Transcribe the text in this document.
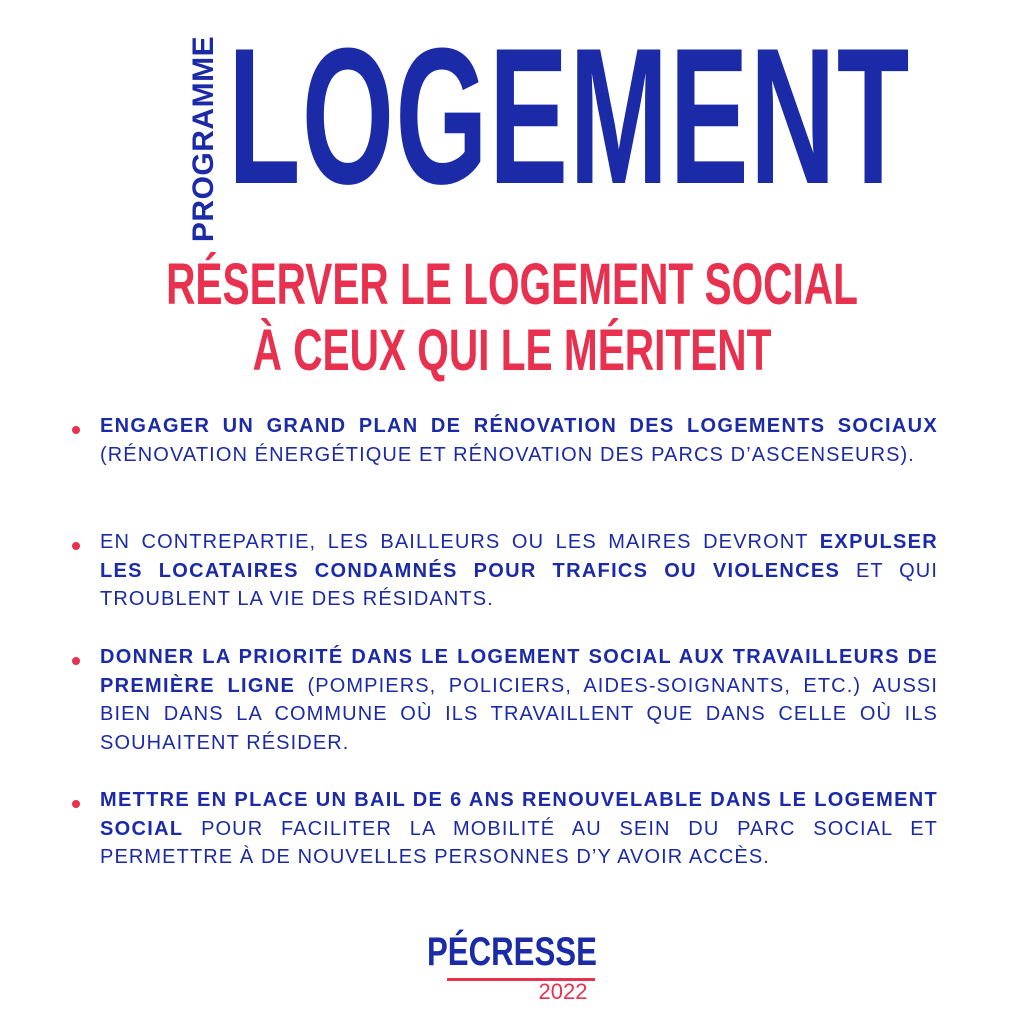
PROGRAMME LOGEMENT
RÉSERVER LE LOGEMENT SOCIAL
À CEUX QUI LE MÉRITENT
ENGAGER UN GRAND PLAN DE RÉNOVATION DES LOGEMENTS SOCIAUX (RÉNOVATION ÉNERGÉTIQUE ET RÉNOVATION DES PARCS D’ASCENSEURS).
EN CONTREPARTIE, LES BAILLEURS OU LES MAIRES DEVRONT EXPULSER LES LOCATAIRES CONDAMNÉS POUR TRAFICS OU VIOLENCES ET QUI TROUBLENT LA VIE DES RÉSIDANTS.
DONNER LA PRIORITÉ DANS LE LOGEMENT SOCIAL AUX TRAVAILLEURS DE PREMIÈRE LIGNE (POMPIERS, POLICIERS, AIDES-SOIGNANTS, ETC.) AUSSI BIEN DANS LA COMMUNE OÙ ILS TRAVAILLENT QUE DANS CELLE OÙ ILS SOUHAITENT RÉSIDER.
METTRE EN PLACE UN BAIL DE 6 ANS RENOUVELABLE DANS LE LOGEMENT SOCIAL POUR FACILITER LA MOBILITÉ AU SEIN DU PARC SOCIAL ET PERMETTRE À DE NOUVELLES PERSONNES D’Y AVOIR ACCÈS.
PÉCRESSE
2022
